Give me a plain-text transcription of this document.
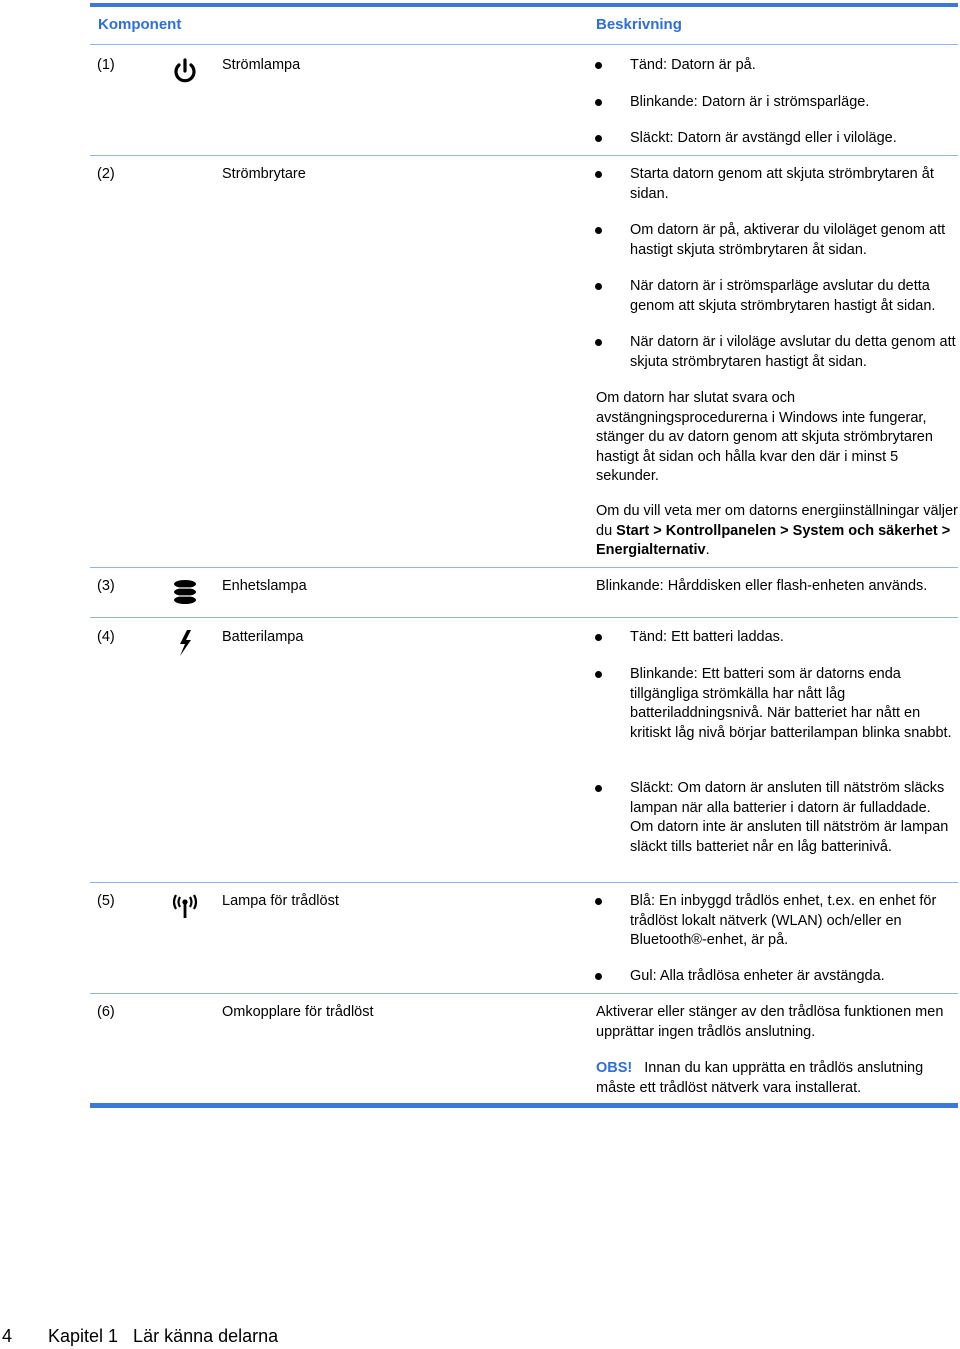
Komponent	Beskrivning
(1)	Strömlampa	Tänd: Datorn är på.
Blinkande: Datorn är i strömsparläge.
Släckt: Datorn är avstängd eller i viloläge.
(2)	Strömbrytare	Starta datorn genom att skjuta strömbrytaren åt sidan.
Om datorn är på, aktiverar du viloläget genom att hastigt skjuta strömbrytaren åt sidan.
När datorn är i strömsparläge avslutar du detta genom att skjuta strömbrytaren hastigt åt sidan.
När datorn är i viloläge avslutar du detta genom att skjuta strömbrytaren hastigt åt sidan.
Om datorn har slutat svara och avstängningsprocedurerna i Windows inte fungerar, stänger du av datorn genom att skjuta strömbrytaren hastigt åt sidan och hålla kvar den där i minst 5 sekunder.
Om du vill veta mer om datorns energiinställningar väljer du Start > Kontrollpanelen > System och säkerhet > Energialternativ.
(3)	Enhetslampa	Blinkande: Hårddisken eller flash-enheten används.
(4)	Batterilampa	Tänd: Ett batteri laddas.
Blinkande: Ett batteri som är datorns enda tillgängliga strömkälla har nått låg batteriladdningsnivå. När batteriet har nått en kritiskt låg nivå börjar batterilampan blinka snabbt.
Släckt: Om datorn är ansluten till nätström släcks lampan när alla batterier i datorn är fulladdade. Om datorn inte är ansluten till nätström är lampan släckt tills batteriet når en låg batterinivå.
(5)	Lampa för trådlöst	Blå: En inbyggd trådlös enhet, t.ex. en enhet för trådlöst lokalt nätverk (WLAN) och/eller en Bluetooth®-enhet, är på.
Gul: Alla trådlösa enheter är avstängda.
(6)	Omkopplare för trådlöst	Aktiverar eller stänger av den trådlösa funktionen men upprättar ingen trådlös anslutning.
OBS! Innan du kan upprätta en trådlös anslutning måste ett trådlöst nätverk vara installerat.
4 Kapitel 1   Lär känna delarna
